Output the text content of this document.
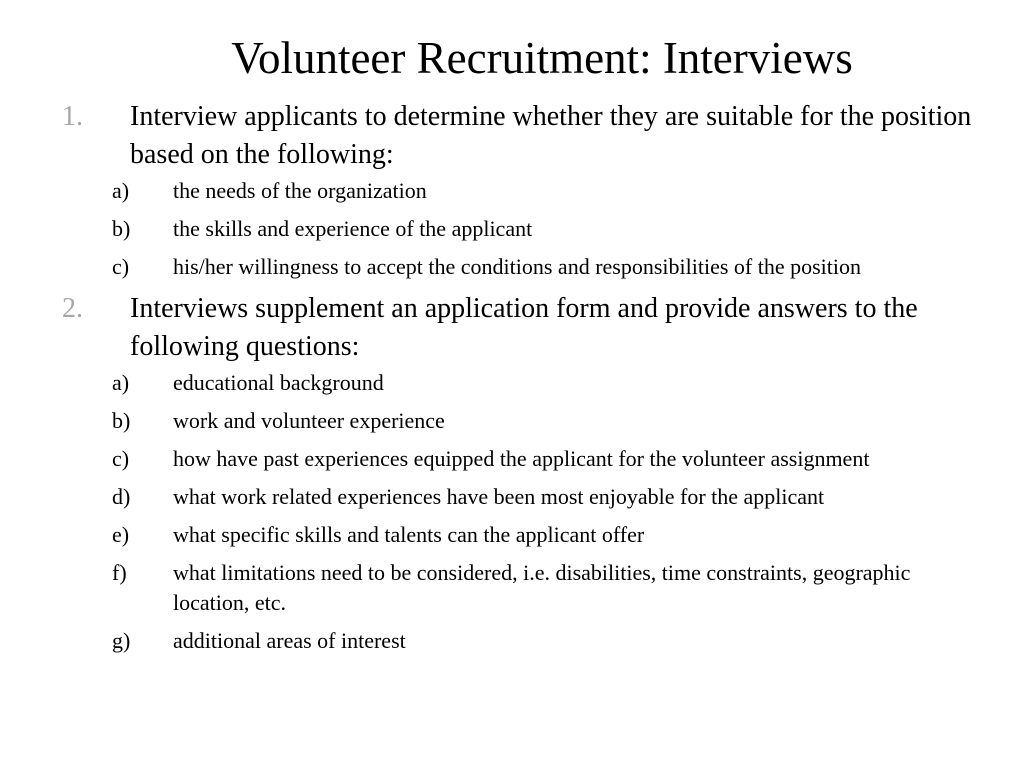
Volunteer Recruitment: Interviews
1. Interview applicants to determine whether they are suitable for the position based on the following:
a) the needs of the organization
b) the skills and experience of the applicant
c) his/her willingness to accept the conditions and responsibilities of the position
2. Interviews supplement an application form and provide answers to the following questions:
a) educational background
b) work and volunteer experience
c) how have past experiences equipped the applicant for the volunteer assignment
d) what work related experiences have been most enjoyable for the applicant
e) what specific skills and talents can the applicant offer
f) what limitations need to be considered, i.e. disabilities, time constraints, geographic location, etc.
g) additional areas of interest
